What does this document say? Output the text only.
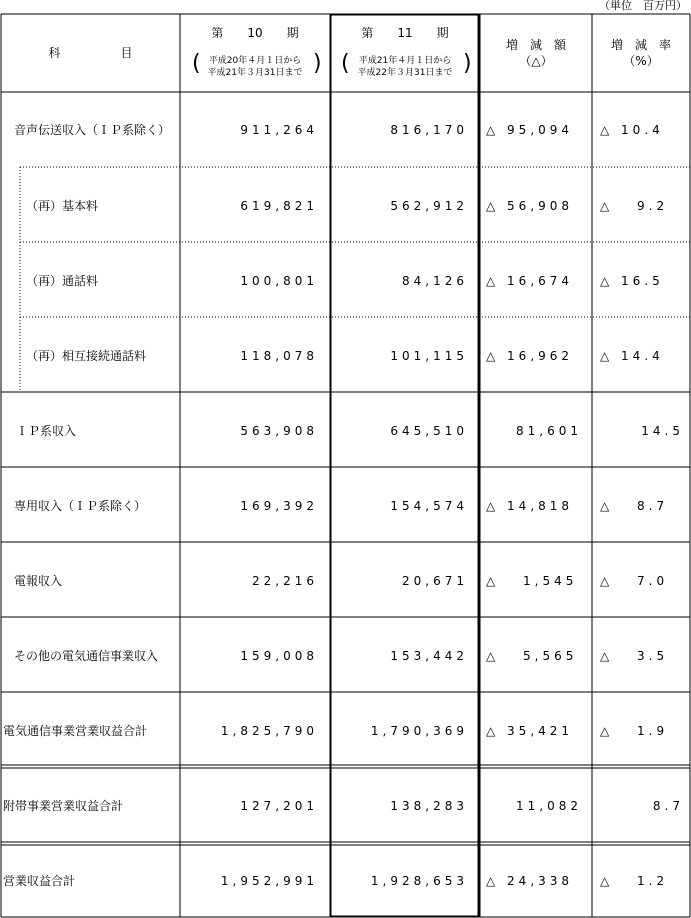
（単位　百万円）
科　　　　　目
第　　10　　期
(	)
平成20年４月１日から
平成21年３月31日まで
第　　11　　期
(	)
平成21年４月１日から
平成22年３月31日まで
増　減　額
（△）
増　減　率
（%）
音声伝送収入（ＩＰ系除く）	911,264	816,170 △ 95,094 △ 10.4
（再）基本料	619,821	562,912 △ 56,908 △ 　9.2
（再）通話料	100,801	84,126 △ 16,674 △ 16.5
（再）相互接続通話料	118,078	101,115 △ 16,962 △ 14.4
ＩＰ系収入	563,908	645,510	81,601	14.5
専用収入（ＩＰ系除く）	169,392	154,574 △ 14,818 △ 　8.7
電報収入	22,216	20,671 △ 　1,545 △ 　7.0
その他の電気通信事業収入	159,008	153,442 △ 　5,565 △ 　3.5
電気通信事業営業収益合計	1,825,790	1,790,369 △ 35,421 △ 　1.9
附帯事業営業収益合計	127,201	138,283	11,082	8.7
営業収益合計	1,952,991	1,928,653 △ 24,338 △ 　1.2
